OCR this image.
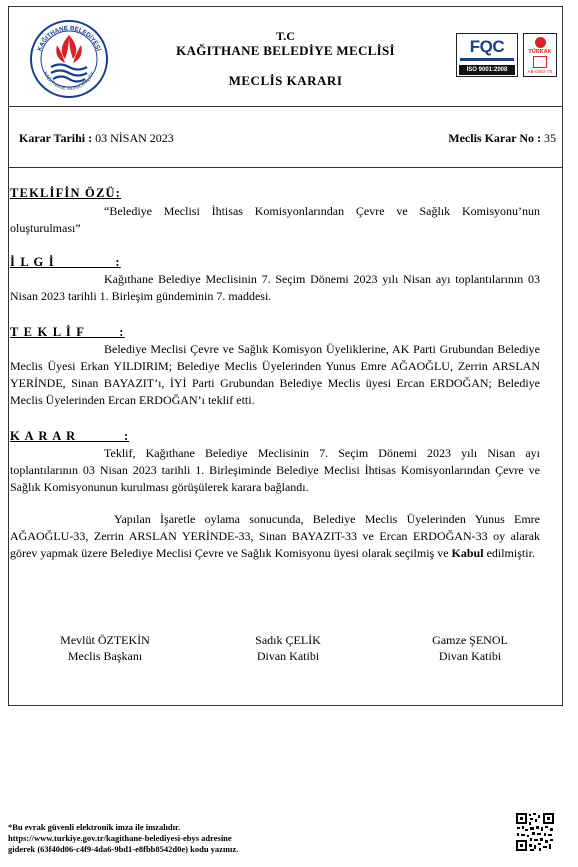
KAĞITHANE BELEDİYESİ
KAĞITHANE MUNICIPALITY
T.C
KAĞITHANE BELEDİYE MECLİSİ
MECLİS KARARI
FQC
ISO 9001:2008
TÜRKAK
AB-0083-TS
Karar Tarihi : 03 NİSAN 2023	Meclis Karar No : 35
TEKLİFİN ÖZÜ:
“Belediye Meclisi İhtisas Komisyonlarından Çevre ve Sağlık Komisyonu’nun oluşturulması”
İ L G İ              :
Kağıthane Belediye Meclisinin 7. Seçim Dönemi 2023 yılı Nisan ayı toplantılarının 03 Nisan 2023 tarihli 1. Birleşim gündeminin 7. maddesi.
T E K L İ F        :
Belediye Meclisi Çevre ve Sağlık Komisyon Üyeliklerine, AK Parti Grubundan Belediye Meclis Üyesi Erkan YILDIRIM; Belediye Meclis Üyelerinden Yunus Emre AĞAOĞLU, Zerrin ARSLAN YERİNDE, Sinan BAYAZIT’ı, İYİ Parti Grubundan Belediye Meclis üyesi Ercan ERDOĞAN; Belediye Meclis Üyelerinden Ercan ERDOĞAN’ı teklif etti.
K A R A R           :
Teklif, Kağıthane Belediye Meclisinin 7. Seçim Dönemi 2023 yılı Nisan ayı toplantılarının 03 Nisan 2023 tarihli 1. Birleşiminde Belediye Meclisi İhtisas Komisyonlarından Çevre ve Sağlık Komisyonunun kurulması görüşülerek karara bağlandı.
Yapılan İşaretle oylama sonucunda, Belediye Meclis Üyelerinden Yunus Emre AĞAOĞLU-33, Zerrin ARSLAN YERİNDE-33, Sinan BAYAZIT-33 ve Ercan ERDOĞAN-33 oy alarak görev yapmak üzere Belediye Meclisi Çevre ve Sağlık Komisyonu üyesi olarak seçilmiş ve Kabul edilmiştir.
Mevlüt ÖZTEKİN
Meclis Başkanı
Sadık ÇELİK
Divan Katibi
Gamze ŞENOL
Divan Katibi
*Bu evrak güvenli elektronik imza ile imzalıdır.
https://www.turkiye.gov.tr/kagithane-belediyesi-ebys adresine
giderek (63f40d06-c4f9-4da6-9bd1-e8fbb8542d0e) kodu yazınız.
